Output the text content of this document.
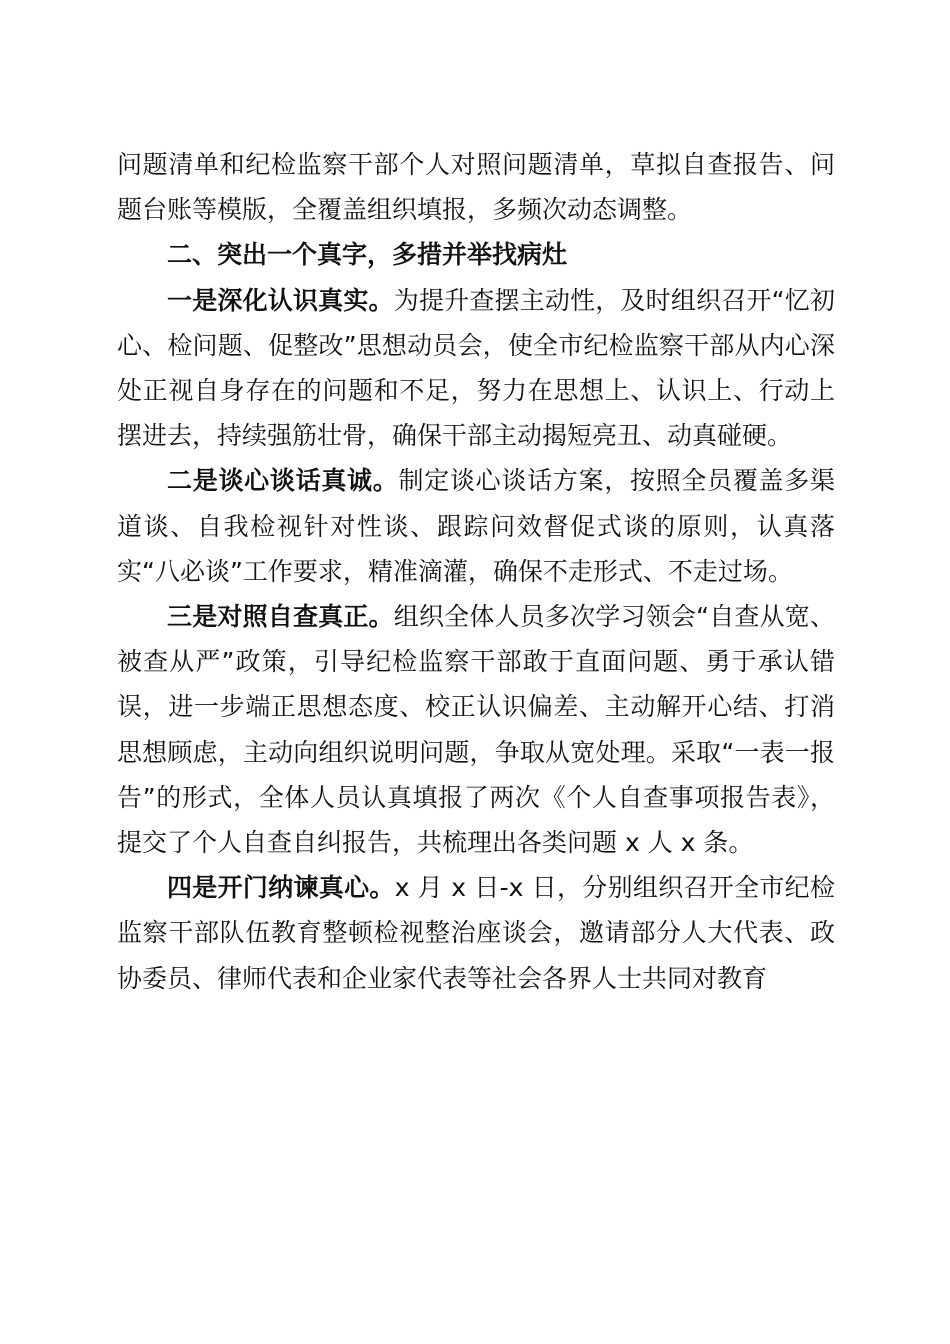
问题清单和纪检监察干部个人对照问题清单，草拟自查报告、问题台账等模版，全覆盖组织填报，多频次动态调整。

二、突出一个真字，多措并举找病灶

一是深化认识真实。为提升查摆主动性，及时组织召开“忆初心、检问题、促整改”思想动员会，使全市纪检监察干部从内心深处正视自身存在的问题和不足，努力在思想上、认识上、行动上摆进去，持续强筋壮骨，确保干部主动揭短亮丑、动真碰硬。

二是谈心谈话真诚。制定谈心谈话方案，按照全员覆盖多渠道谈、自我检视针对性谈、跟踪问效督促式谈的原则，认真落实“八必谈”工作要求，精准滴灌，确保不走形式、不走过场。

三是对照自查真正。组织全体人员多次学习领会“自查从宽、被查从严”政策，引导纪检监察干部敢于直面问题、勇于承认错误，进一步端正思想态度、校正认识偏差、主动解开心结、打消思想顾虑，主动向组织说明问题，争取从宽处理。采取“一表一报告”的形式，全体人员认真填报了两次《个人自查事项报告表》，提交了个人自查自纠报告，共梳理出各类问题 x 人 x 条。

四是开门纳谏真心。x 月 x 日-x 日，分别组织召开全市纪检监察干部队伍教育整顿检视整治座谈会，邀请部分人大代表、政协委员、律师代表和企业家代表等社会各界人士共同对教育
